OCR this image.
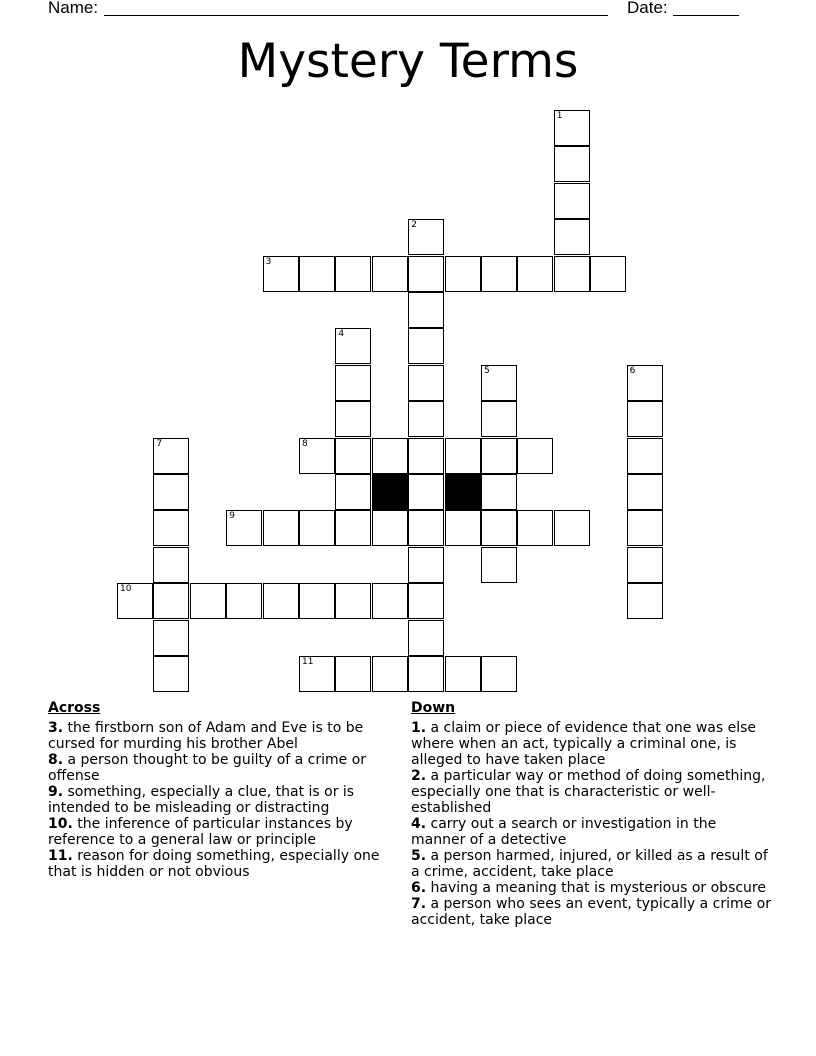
Name:	Date:
Mystery Terms
1
2
3
4
5	6
7	8
9
10
11
Across
3. the firstborn son of Adam and Eve is to be cursed for murding his brother Abel
8. a person thought to be guilty of a crime or offense
9. something, especially a clue, that is or is intended to be misleading or distracting
10. the inference of particular instances by reference to a general law or principle
11. reason for doing something, especially one that is hidden or not obvious
Down
1. a claim or piece of evidence that one was else where when an act, typically a criminal one, is alleged to have taken place
2. a particular way or method of doing something, especially one that is characteristic or well-established
4. carry out a search or investigation in the manner of a detective
5. a person harmed, injured, or killed as a result of a crime, accident, take place
6. having a meaning that is mysterious or obscure
7. a person who sees an event, typically a crime or accident, take place
